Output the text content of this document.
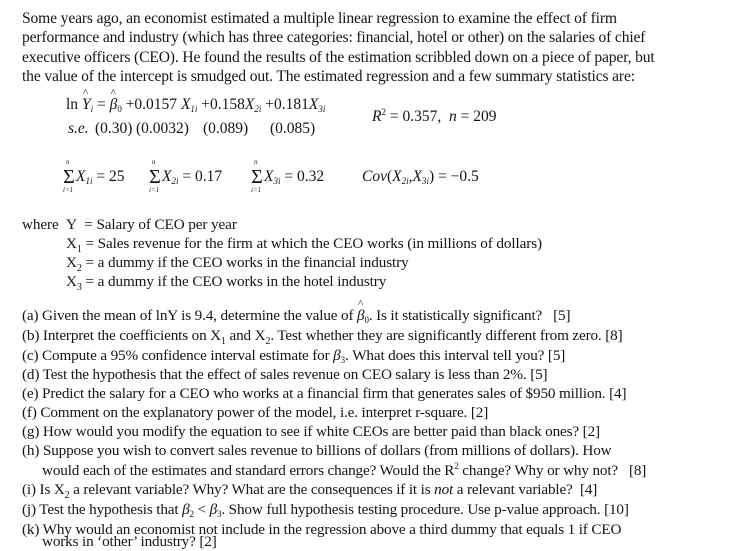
Some years ago, an economist estimated a multiple linear regression to examine the effect of firm
performance and industry (which has three categories: financial, hotel or other) on the salaries of chief
executive officers (CEO). He found the results of the estimation scribbled down on a piece of paper, but
the value of the intercept is smudged out. The estimated regression and a few summary statistics are:
ln ^ Yi = ^ β0 +0.0157 X1i +0.158X2i +0.181X3i
s.e. (0.30) (0.0032) (0.089) (0.085)
$R^2 = 0.357$, n = 209
Σ
n
i=1
X1i = 25 Σ
n
i=1
X2i = 0.17 Σ
n
i=1
X3i = 0.32 Cov(X2i,X3i) = −0.5
where Y = Salary of CEO per year
$X_1$ = Sales revenue for the firm at which the CEO works (in millions of dollars)
$X_2 = a$ dummy if the CEO works in the financial industry
$X_3 = a$ dummy if the CEO works in the hotel industry
(a) Given the mean of lnY is 9.4, determine the value of ^ β0. Is it statistically significant? [5]
(b) Interpret the coefficients on $X_1$ and $X_2$. Test whether they are significantly different from zero. [8]
(c) Compute a 95% confidence interval estimate for β3. What does this interval tell you? [5]
(d) Test the hypothesis that the effect of sales revenue on CEO salary is less than 2%. [5]
(e) Predict the salary for a CEO who works at a financial firm that generates sales of $950 million. [4]
(f) Comment on the explanatory power of the model, i.e. interpret r-square. [2]
(g) How would you modify the equation to see if white CEOs are better paid than black ones? [2]
(h) Suppose you wish to convert sales revenue to billions of dollars (from millions of dollars). How
would each of the estimates and standard errors change? Would the $R^2$ change? Why or why not? [8]
(i) Is $X_2$ a relevant variable? Why? What are the consequences if it is not a relevant variable? [4]
(j) Test the hypothesis that β2 < β3. Show full hypothesis testing procedure. Use p-value approach. [10]
(k) Why would an economist not include in the regression above a third dummy that equals 1 if CEO
works in ‘other’ industry? [2]
